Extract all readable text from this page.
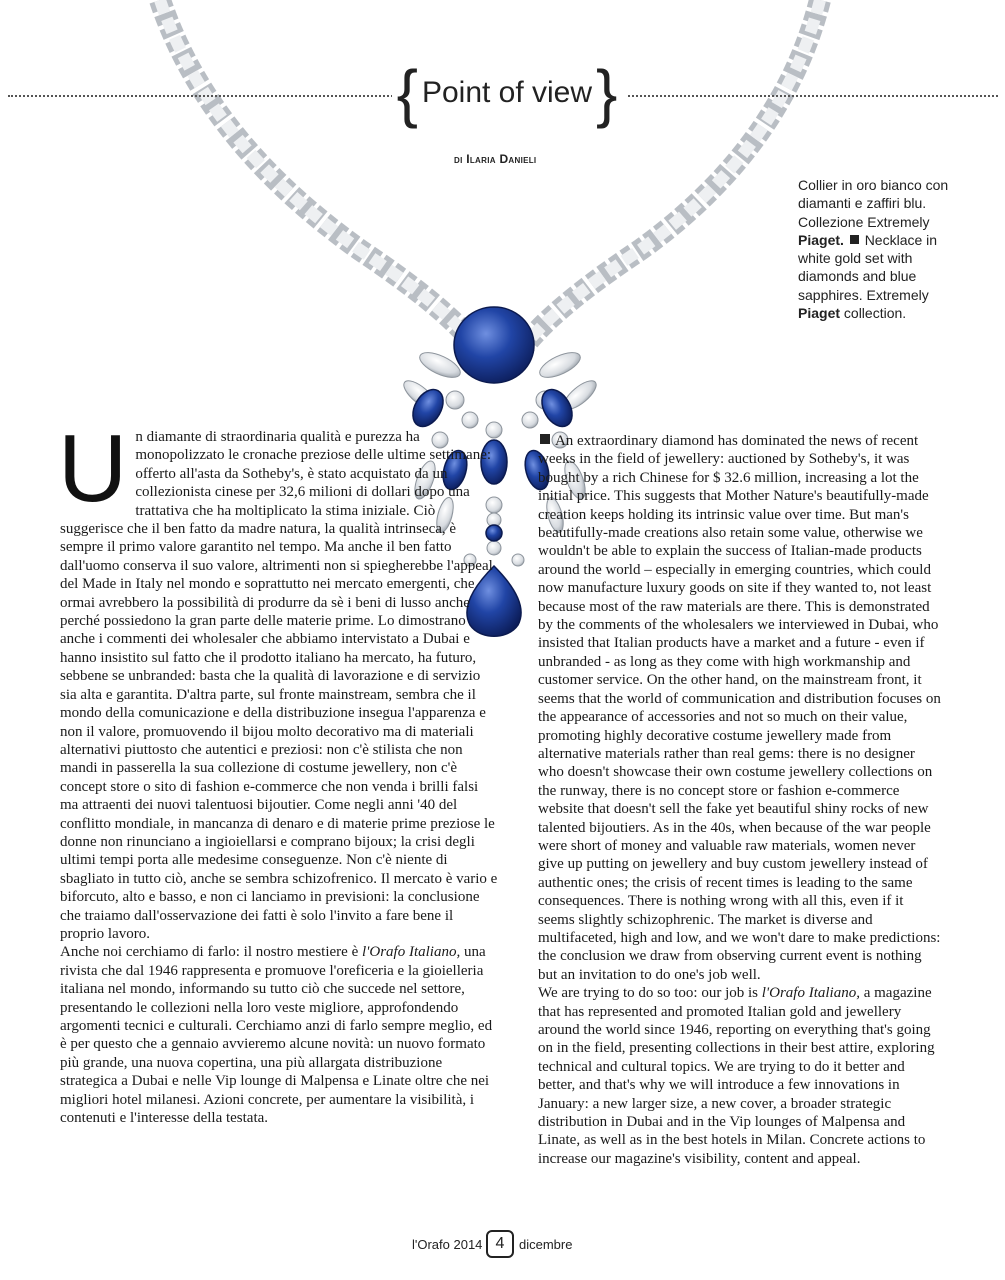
{ Point of view }
di Ilaria Danieli
Collier in oro bianco con diamanti e zaffiri blu. Collezione Extremely Piaget. Necklace in white gold set with diamonds and blue sapphires. Extremely Piaget collection.
U n diamante di straordinaria qualità e purezza ha monopolizzato le cronache preziose delle ultime settimane: offerto all'asta da Sotheby's, è stato acquistato da un collezionista cinese per 32,6 milioni di dollari dopo una trattativa che ha moltiplicato la stima iniziale. Ciò suggerisce che il ben fatto da madre natura, la qualità intrinseca, è sempre il primo valore garantito nel tempo. Ma anche il ben fatto dall'uomo conserva il suo valore, altrimenti non si spiegherebbe l'appeal del Made in Italy nel mondo e soprattutto nei mercato emergenti, che ormai avrebbero la possibilità di produrre da sè i beni di lusso anche perché possiedono la gran parte delle materie prime. Lo dimostrano anche i commenti dei wholesaler che abbiamo intervistato a Dubai e hanno insistito sul fatto che il prodotto italiano ha mercato, ha futuro, sebbene se unbranded: basta che la qualità di lavorazione e di servizio sia alta e garantita. D'altra parte, sul fronte mainstream, sembra che il mondo della comunicazione e della distribuzione insegua l'apparenza e non il valore, promuovendo il bijou molto decorativo ma di materiali alternativi piuttosto che autentici e preziosi: non c'è stilista che non mandi in passerella la sua collezione di costume jewellery, non c'è concept store o sito di fashion e-commerce che non venda i brilli falsi ma attraenti dei nuovi talentuosi bijoutier. Come negli anni '40 del conflitto mondiale, in mancanza di denaro e di materie prime preziose le donne non rinunciano a ingioiellarsi e comprano bijoux; la crisi degli ultimi tempi porta alle medesime conseguenze. Non c'è niente di sbagliato in tutto ciò, anche se sembra schizofrenico. Il mercato è vario e biforcuto, alto e basso, e non ci lanciamo in previsioni: la conclusione che traiamo dall'osservazione dei fatti è solo l'invito a fare bene il proprio lavoro.

Anche noi cerchiamo di farlo: il nostro mestiere è l'Orafo Italiano, una rivista che dal 1946 rappresenta e promuove l'oreficeria e la gioielleria italiana nel mondo, informando su tutto ciò che succede nel settore, presentando le collezioni nella loro veste migliore, approfondendo argomenti tecnici e culturali. Cerchiamo anzi di farlo sempre meglio, ed è per questo che a gennaio avvieremo alcune novità: un nuovo formato più grande, una nuova copertina, una più allargata distribuzione strategica a Dubai e nelle Vip lounge di Malpensa e Linate oltre che nei migliori hotel milanesi. Azioni concrete, per aumentare la visibilità, i contenuti e l'interesse della testata.

An extraordinary diamond has dominated the news of recent weeks in the field of jewellery: auctioned by Sotheby's, it was bought by a rich Chinese for $ 32.6 million, increasing a lot the initial price. This suggests that Mother Nature's beautifully-made creation keeps holding its intrinsic value over time. But man's beautifully-made creations also retain some value, otherwise we wouldn't be able to explain the success of Italian-made products around the world – especially in emerging countries, which could now manufacture luxury goods on site if they wanted to, not least because most of the raw materials are there. This is demonstrated by the comments of the wholesalers we interviewed in Dubai, who insisted that Italian products have a market and a future - even if unbranded - as long as they come with high workmanship and customer service. On the other hand, on the mainstream front, it seems that the world of communication and distribution focuses on the appearance of accessories and not so much on their value, promoting highly decorative costume jewellery made from alternative materials rather than real gems: there is no designer who doesn't showcase their own costume jewellery collections on the runway, there is no concept store or fashion e-commerce website that doesn't sell the fake yet beautiful shiny rocks of new talented bijoutiers. As in the 40s, when because of the war people were short of money and valuable raw materials, women never give up putting on jewellery and buy custom jewellery instead of authentic ones; the crisis of recent times is leading to the same consequences. There is nothing wrong with all this, even if it seems slightly schizophrenic. The market is diverse and multifaceted, high and low, and we won't dare to make predictions: the conclusion we draw from observing current event is nothing but an invitation to do one's job well.

We are trying to do so too: our job is l'Orafo Italiano, a magazine that has represented and promoted Italian gold and jewellery around the world since 1946, reporting on everything that's going on in the field, presenting collections in their best attire, exploring technical and cultural topics. We are trying to do it better and better, and that's why we will introduce a few innovations in January: a new larger size, a new cover, a broader strategic distribution in Dubai and in the Vip lounges of Malpensa and Linate, as well as in the best hotels in Milan. Concrete actions to increase our magazine's visibility, content and appeal.

l'Orafo 2014 4	dicembre
